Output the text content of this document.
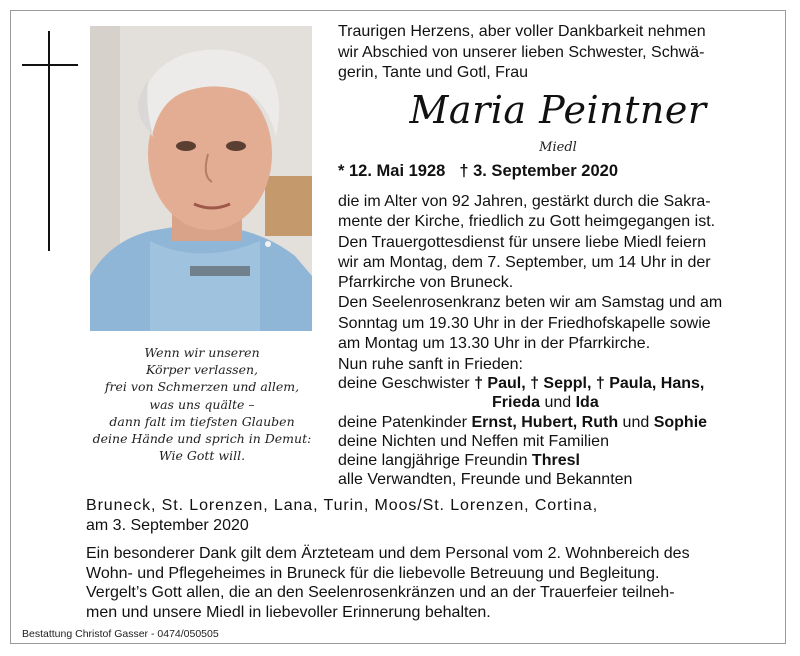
Wenn wir unseren
Körper verlassen,
frei von Schmerzen und allem,
was uns quälte –
dann falt im tiefsten Glauben
deine Hände und sprich in Demut:
Wie Gott will.
Traurigen Herzens, aber voller Dankbarkeit nehmen
wir Abschied von unserer lieben Schwester, Schwä-
gerin, Tante und Gotl, Frau
Maria Peintner
Miedl
* 12. Mai 1928 † 3. September 2020
die im Alter von 92 Jahren, gestärkt durch die Sakra-
mente der Kirche, friedlich zu Gott heimgegangen ist.
Den Trauergottesdienst für unsere liebe Miedl feiern
wir am Montag, dem 7. September, um 14 Uhr in der
Pfarrkirche von Bruneck.
Den Seelenrosenkranz beten wir am Samstag und am
Sonntag um 19.30 Uhr in der Friedhofskapelle sowie
am Montag um 13.30 Uhr in der Pfarrkirche.
Nun ruhe sanft in Frieden:
deine Geschwister † Paul, † Seppl, † Paula, Hans,
Frieda und Ida
deine Patenkinder Ernst, Hubert, Ruth und Sophie
deine Nichten und Neffen mit Familien
deine langjährige Freundin Thresl
alle Verwandten, Freunde und Bekannten
Bruneck, St. Lorenzen, Lana, Turin, Moos/St. Lorenzen, Cortina,
am 3. September 2020
Ein besonderer Dank gilt dem Ärzteteam und dem Personal vom 2. Wohnbereich des
Wohn- und Pflegeheimes in Bruneck für die liebevolle Betreuung und Begleitung.
Vergelt’s Gott allen, die an den Seelenrosenkränzen und an der Trauerfeier teilneh-
men und unsere Miedl in liebevoller Erinnerung behalten.
Bestattung Christof Gasser - 0474/050505
